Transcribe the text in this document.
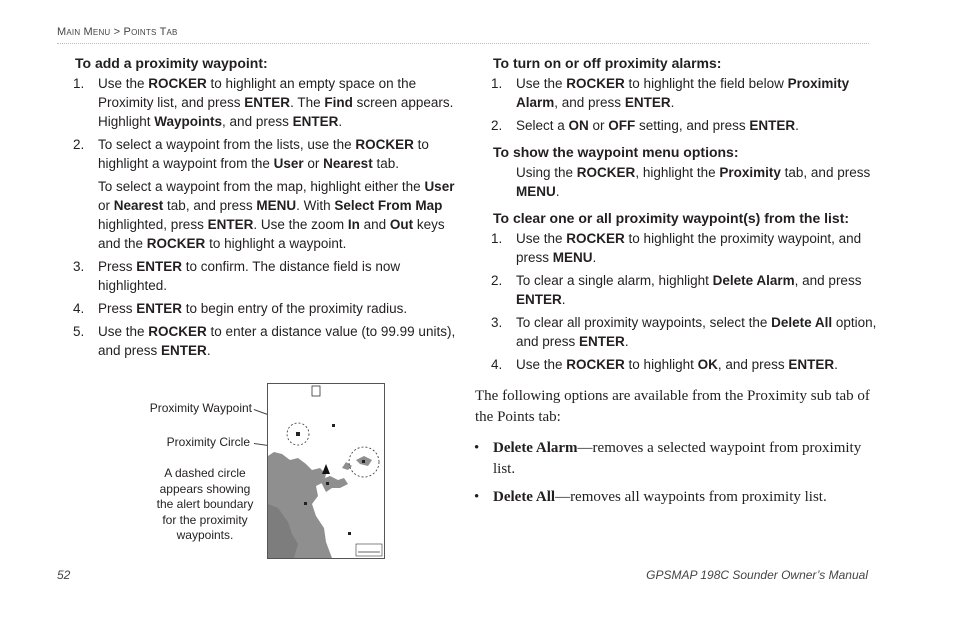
Main Menu > Points Tab
To add a proximity waypoint:
1. Use the ROCKER to highlight an empty space on the Proximity list, and press ENTER. The Find screen appears. Highlight Waypoints, and press ENTER.

2. To select a waypoint from the lists, use the ROCKER to highlight a waypoint from the User or Nearest tab.

To select a waypoint from the map, highlight either the User or Nearest tab, and press MENU. With Select From Map highlighted, press ENTER. Use the zoom In and Out keys and the ROCKER to highlight a waypoint.

3. Press ENTER to confirm. The distance field is now highlighted.

4. Press ENTER to begin entry of the proximity radius.

5. Use the ROCKER to enter a distance value (to 99.99 units), and press ENTER.

To turn on or off proximity alarms:
1. Use the ROCKER to highlight the field below Proximity Alarm, and press ENTER.

2. Select a ON or OFF setting, and press ENTER.

To show the waypoint menu options:

Using the ROCKER, highlight the Proximity tab, and press MENU.

To clear one or all proximity waypoint(s) from the list:
1. Use the ROCKER to highlight the proximity waypoint, and press MENU.

2. To clear a single alarm, highlight Delete Alarm, and press ENTER.

3. To clear all proximity waypoints, select the Delete All option, and press ENTER.

4. Use the ROCKER to highlight OK, and press ENTER.

The following options are available from the Proximity sub tab of the Points tab:

• Delete Alarm—removes a selected waypoint from proximity list.
• Delete All—removes all waypoints from proximity list.
Proximity Waypoint
Proximity Circle
A dashed circle appears showing the alert boundary for the proximity waypoints.
52	GPSMAP 198C Sounder Owner’s Manual
